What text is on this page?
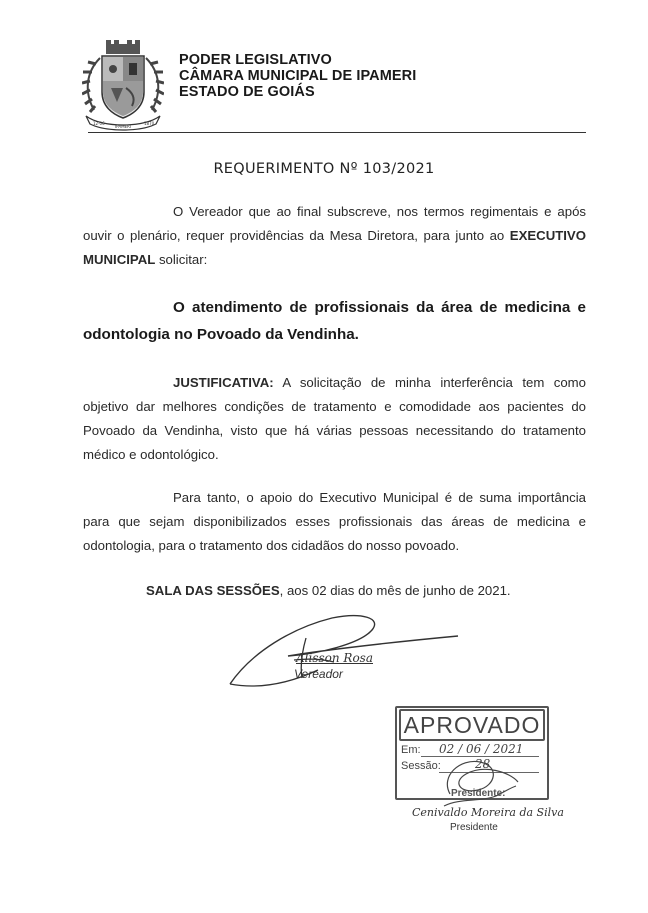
12-06
IPAMERI
1870
PODER LEGISLATIVO
CÂMARA MUNICIPAL DE IPAMERI
ESTADO DE GOIÁS
REQUERIMENTO Nº 103/2021
O Vereador que ao final subscreve, nos termos regimentais e após ouvir o plenário, requer providências da Mesa Diretora, para junto ao EXECUTIVO MUNICIPAL solicitar:
O atendimento de profissionais da área de medicina e odontologia no Povoado da Vendinha.
JUSTIFICATIVA: A solicitação de minha interferência tem como objetivo dar melhores condições de tratamento e comodidade aos pacientes do Povoado da Vendinha, visto que há várias pessoas necessitando do tratamento médico e odontológico.
Para tanto, o apoio do Executivo Municipal é de suma importância para que sejam disponibilizados esses profissionais das áreas de medicina e odontologia, para o tratamento dos cidadãos do nosso povoado.
SALA DAS SESSÕES, aos 02 dias do mês de junho de 2021.
Alisson Rosa
Vereador
APROVADO
Em: 02 / 06 / 2021
Sessão:	28
Presidente:
Cenivaldo Moreira da Silva
Presidente
